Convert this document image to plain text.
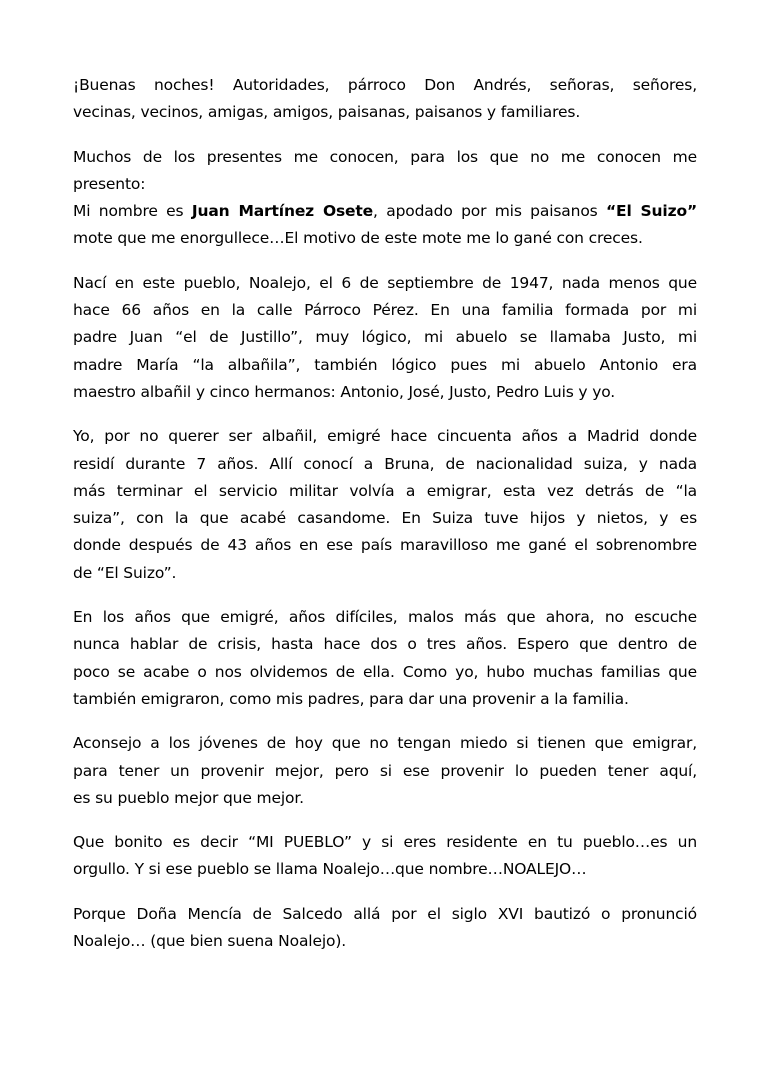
¡Buenas noches! Autoridades, párroco Don Andrés, señoras, señores,
vecinas, vecinos, amigas, amigos, paisanas, paisanos y familiares.

Muchos de los presentes me conocen, para los que no me conocen me
presento:
Mi nombre es Juan Martínez Osete, apodado por mis paisanos “El Suizo”
mote que me enorgullece…El motivo de este mote me lo gané con creces.

Nací en este pueblo, Noalejo, el 6 de septiembre de 1947, nada menos que
hace 66 años en la calle Párroco Pérez. En una familia formada por mi
padre Juan “el de Justillo”, muy lógico, mi abuelo se llamaba Justo, mi
madre María “la albañila”, también lógico pues mi abuelo Antonio era
maestro albañil y cinco hermanos: Antonio, José, Justo, Pedro Luis y yo.

Yo, por no querer ser albañil, emigré hace cincuenta años a Madrid donde
residí durante 7 años. Allí conocí a Bruna, de nacionalidad suiza, y nada
más terminar el servicio militar volvía a emigrar, esta vez detrás de “la
suiza”, con la que acabé casandome. En Suiza tuve hijos y nietos, y es
donde después de 43 años en ese país maravilloso me gané el sobrenombre
de “El Suizo”.

En los años que emigré, años difíciles, malos más que ahora, no escuche
nunca hablar de crisis, hasta hace dos o tres años. Espero que dentro de
poco se acabe o nos olvidemos de ella. Como yo, hubo muchas familias que
también emigraron, como mis padres, para dar una provenir a la familia.

Aconsejo a los jóvenes de hoy que no tengan miedo si tienen que emigrar,
para tener un provenir mejor, pero si ese provenir lo pueden tener aquí,
es su pueblo mejor que mejor.

Que bonito es decir “MI PUEBLO” y si eres residente en tu pueblo…es un
orgullo. Y si ese pueblo se llama Noalejo…que nombre…NOALEJO…

Porque Doña Mencía de Salcedo allá por el siglo XVI bautizó o pronunció
Noalejo… (que bien suena Noalejo).
